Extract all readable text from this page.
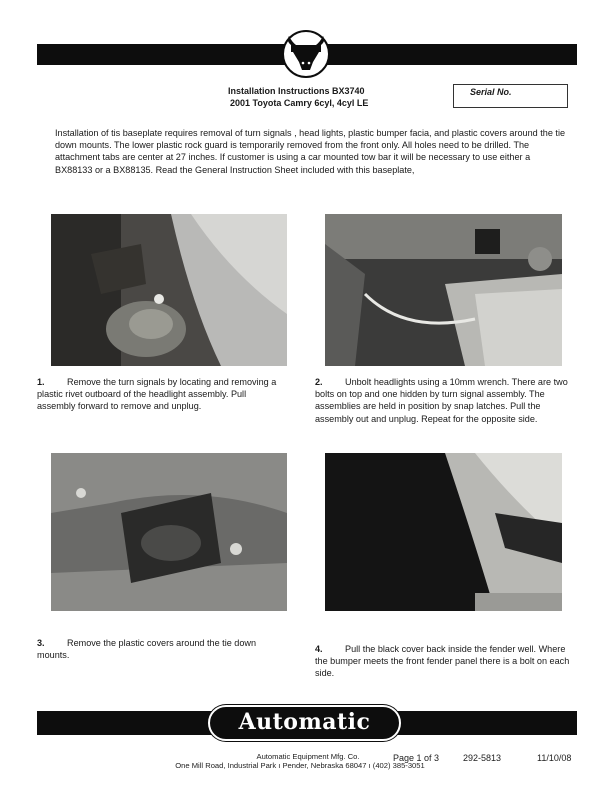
Installation Instructions BX3740
2001 Toyota Camry 6cyl, 4cyl LE
Serial No.
Installation of tis baseplate requires removal of turn signals , head lights, plastic bumper facia, and plastic covers around the tie down mounts. The lower plastic rock guard is temporarily removed from the front only. All holes need to be drilled. The attachment tabs are center at 27 inches. If customer is using a car mounted tow bar it will be necessary to use either a BX88133 or a BX88135. Read the General Instruction Sheet included with this baseplate,
1. Remove the turn signals by locating and removing a plastic rivet outboard of the headlight assembly. Pull assembly forward to remove and unplug.
2. Unbolt headlights using a 10mm wrench. There are two bolts on top and one hidden by turn signal assembly. The assemblies are held in position by snap latches. Pull the assembly out and unplug. Repeat for the opposite side.
3. Remove the plastic covers around the tie down mounts.
4. Pull the black cover back inside the fender well. Where the bumper meets the front fender panel there is a bolt on each side.
Automatic
Automatic Equipment Mfg. Co.
One Mill Road, Industrial Park ı Pender, Nebraska 68047 ı (402) 385-3051
Page 1 of 3	292-5813	11/10/08
